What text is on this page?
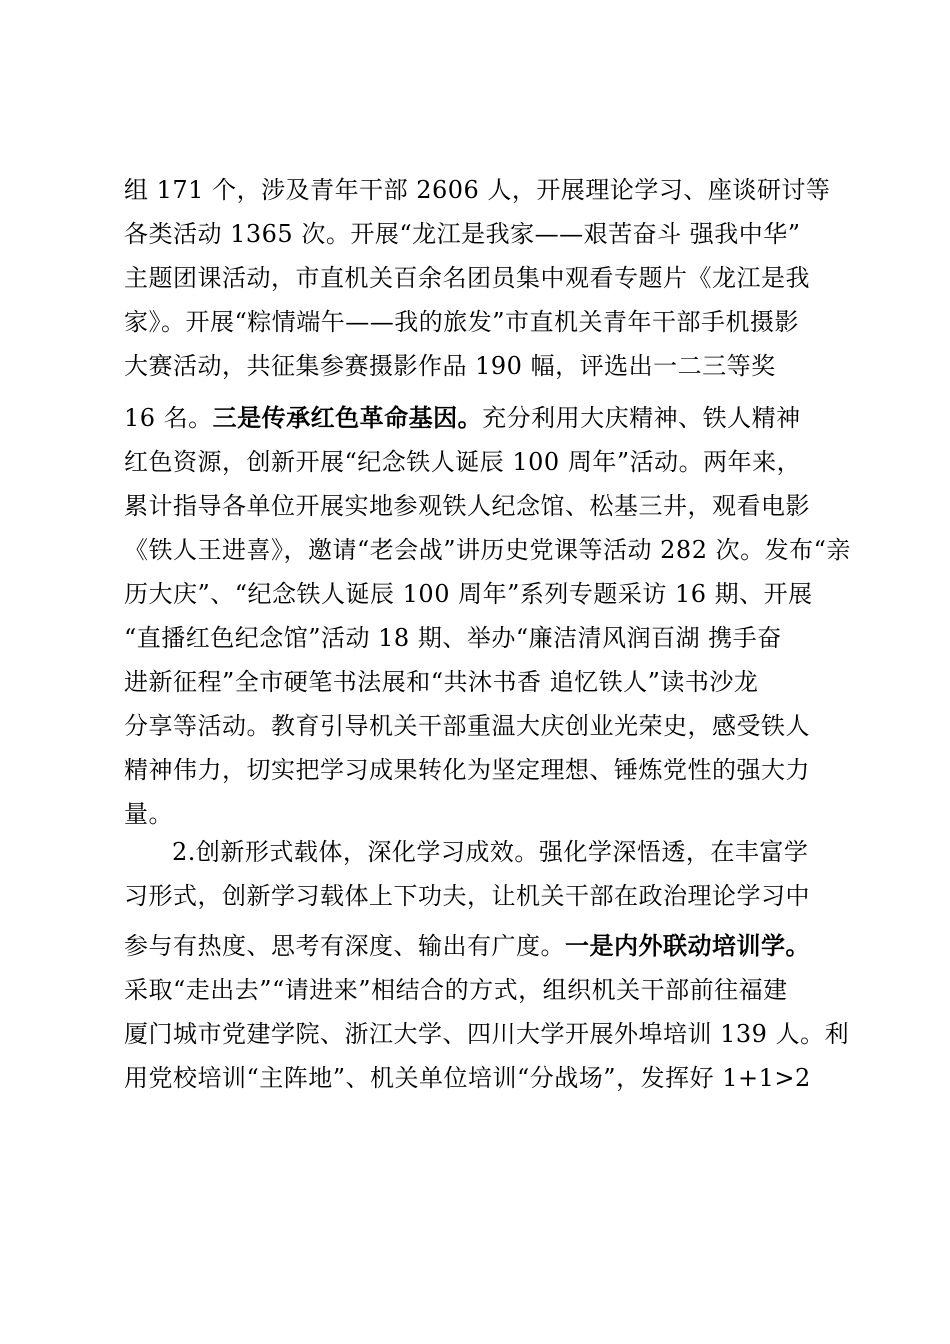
组 171 个，涉及青年干部 2606 人，开展理论学习、座谈研讨等
各类活动 1365 次。开展“龙江是我家——艰苦奋斗 强我中华”
主题团课活动，市直机关百余名团员集中观看专题片《龙江是我
家》。开展“粽情端午——我的旅发”市直机关青年干部手机摄影
大赛活动，共征集参赛摄影作品 190 幅，评选出一二三等奖
16 名。三是传承红色革命基因。充分利用大庆精神、铁人精神
红色资源，创新开展“纪念铁人诞辰 100 周年”活动。两年来，
累计指导各单位开展实地参观铁人纪念馆、松基三井，观看电影
《铁人王进喜》，邀请“老会战”讲历史党课等活动 282 次。发布“亲
历大庆”、“纪念铁人诞辰 100 周年”系列专题采访 16 期、开展
“直播红色纪念馆”活动 18 期、举办“廉洁清风润百湖 携手奋
进新征程”全市硬笔书法展和“共沐书香 追忆铁人”读书沙龙
分享等活动。教育引导机关干部重温大庆创业光荣史，感受铁人
精神伟力，切实把学习成果转化为坚定理想、锤炼党性的强大力
量。
2.创新形式载体，深化学习成效。强化学深悟透，在丰富学
习形式，创新学习载体上下功夫，让机关干部在政治理论学习中
参与有热度、思考有深度、输出有广度。一是内外联动培训学。
采取“走出去”“请进来”相结合的方式，组织机关干部前往福建
厦门城市党建学院、浙江大学、四川大学开展外埠培训 139 人。利
用党校培训“主阵地”、机关单位培训“分战场”，发挥好 1+1>2
